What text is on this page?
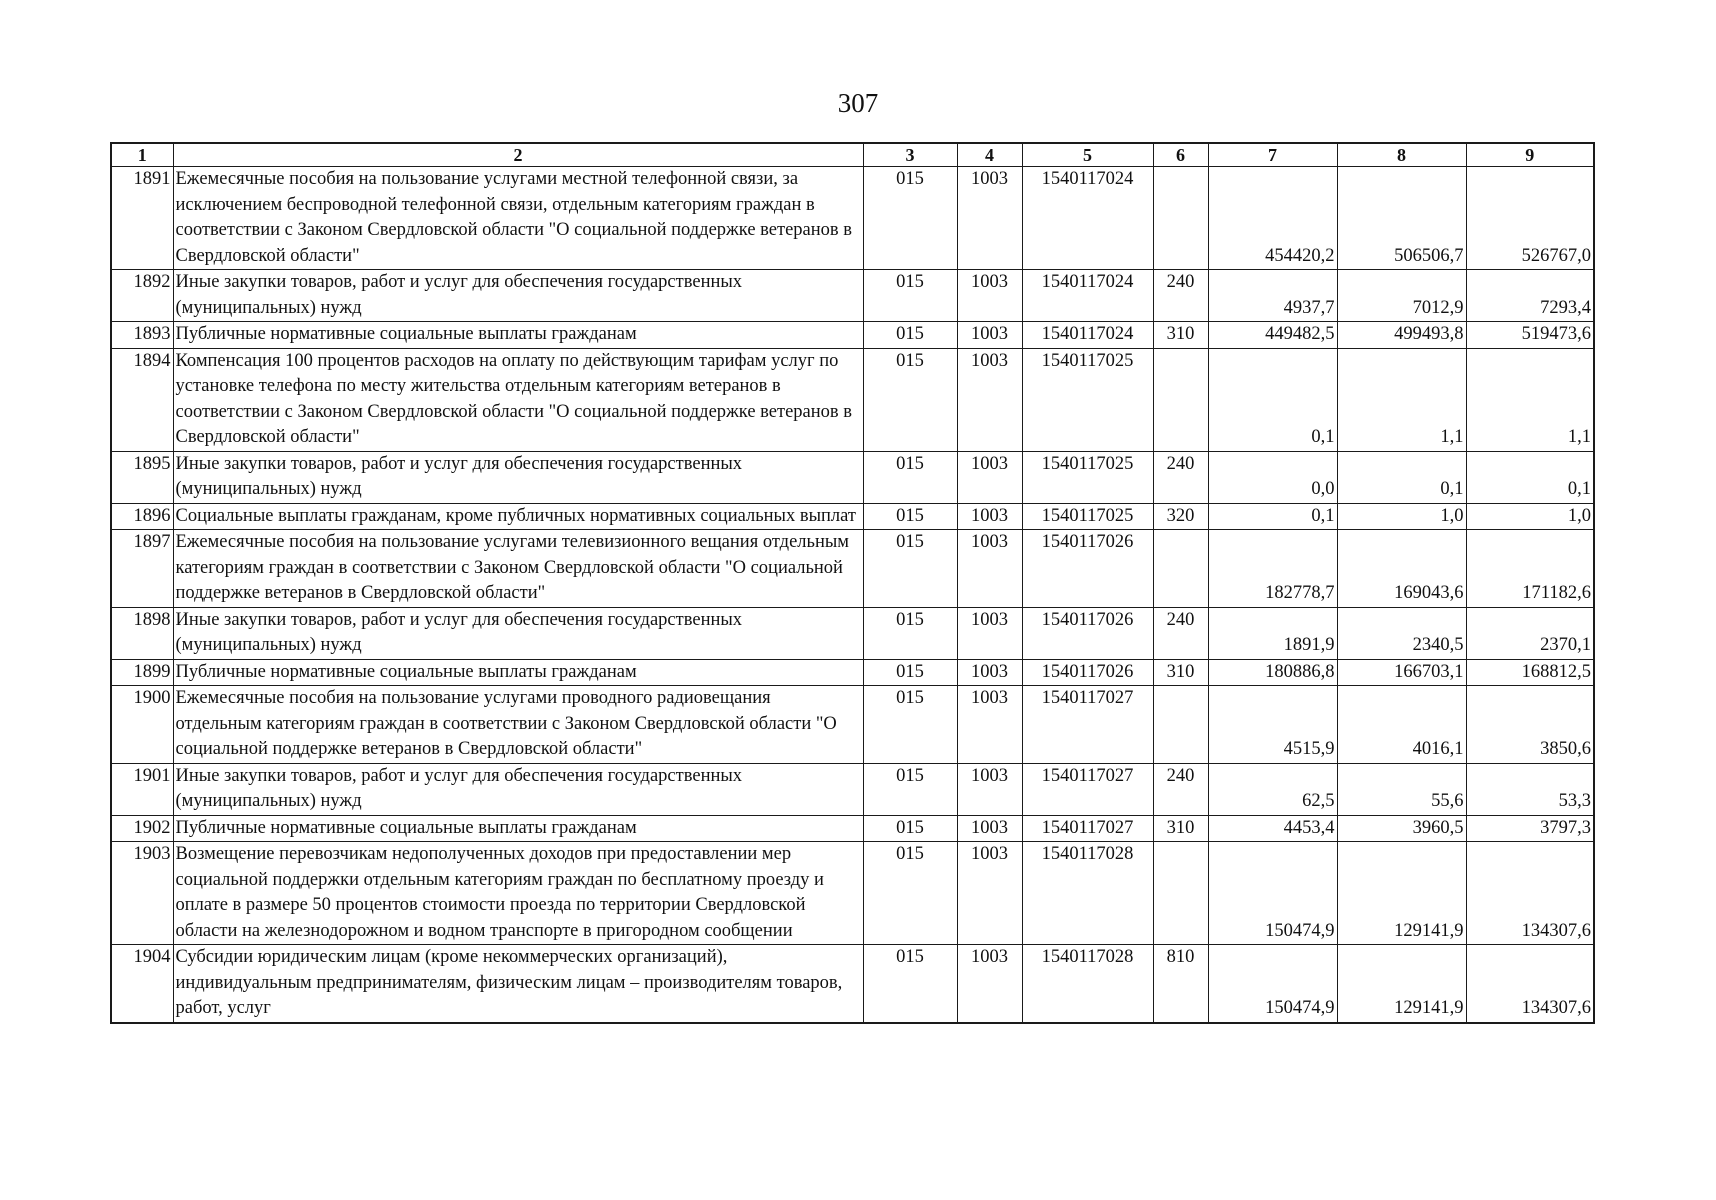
307
1	2	3	4	5	6	7	8	9
1891	Ежемесячные пособия на пользование услугами местной телефонной связи, за исключением беспроводной телефонной связи, отдельным категориям граждан в соответствии с Законом Свердловской области "О социальной поддержке ветеранов в Свердловской области"	015	1003	1540117024		454420,2	506506,7	526767,0
1892	Иные закупки товаров, работ и услуг для обеспечения государственных (муниципальных) нужд	015	1003	1540117024	240	4937,7	7012,9	7293,4
1893	Публичные нормативные социальные выплаты гражданам	015	1003	1540117024	310	449482,5	499493,8	519473,6
1894	Компенсация 100 процентов расходов на оплату по действующим тарифам услуг по установке телефона по месту жительства отдельным категориям ветеранов в соответствии с Законом Свердловской области "О социальной поддержке ветеранов в Свердловской области"	015	1003	1540117025		0,1	1,1	1,1
1895	Иные закупки товаров, работ и услуг для обеспечения государственных (муниципальных) нужд	015	1003	1540117025	240	0,0	0,1	0,1
1896	Социальные выплаты гражданам, кроме публичных нормативных социальных выплат	015	1003	1540117025	320	0,1	1,0	1,0
1897	Ежемесячные пособия на пользование услугами телевизионного вещания отдельным категориям граждан в соответствии с Законом Свердловской области "О социальной поддержке ветеранов в Свердловской области"	015	1003	1540117026		182778,7	169043,6	171182,6
1898	Иные закупки товаров, работ и услуг для обеспечения государственных (муниципальных) нужд	015	1003	1540117026	240	1891,9	2340,5	2370,1
1899	Публичные нормативные социальные выплаты гражданам	015	1003	1540117026	310	180886,8	166703,1	168812,5
1900	Ежемесячные пособия на пользование услугами проводного радиовещания отдельным категориям граждан в соответствии с Законом Свердловской области "О социальной поддержке ветеранов в Свердловской области"	015	1003	1540117027		4515,9	4016,1	3850,6
1901	Иные закупки товаров, работ и услуг для обеспечения государственных (муниципальных) нужд	015	1003	1540117027	240	62,5	55,6	53,3
1902	Публичные нормативные социальные выплаты гражданам	015	1003	1540117027	310	4453,4	3960,5	3797,3
1903	Возмещение перевозчикам недополученных доходов при предоставлении мер социальной поддержки отдельным категориям граждан по бесплатному проезду и оплате в размере 50 процентов стоимости проезда по территории Свердловской области на железнодорожном и водном транспорте в пригородном сообщении	015	1003	1540117028		150474,9	129141,9	134307,6
1904	Субсидии юридическим лицам (кроме некоммерческих организаций), индивидуальным предпринимателям, физическим лицам – производителям товаров, работ, услуг	015	1003	1540117028	810	150474,9	129141,9	134307,6
